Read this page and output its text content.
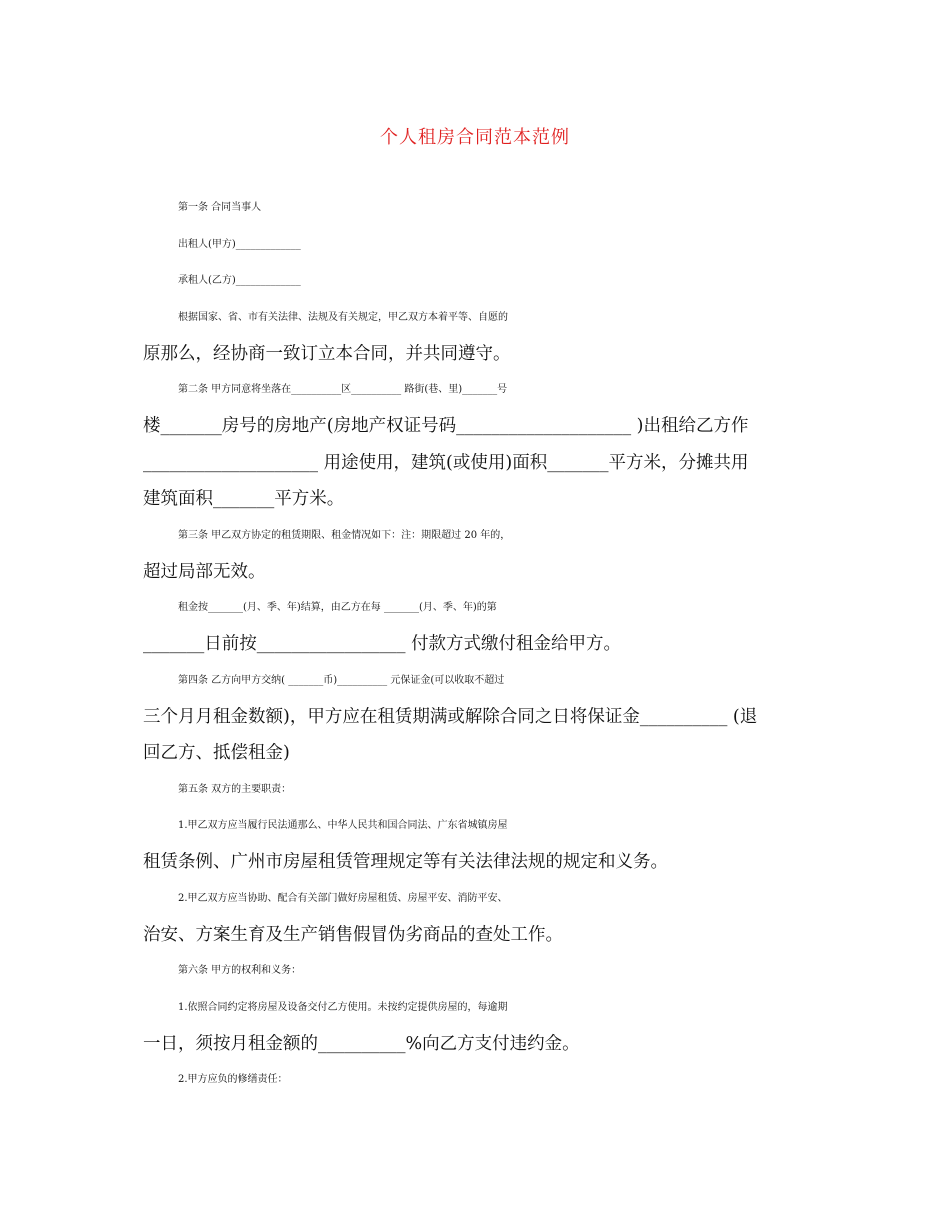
个人租房合同范本范例
第一条 合同当事人
出租人(甲方)_____________
承租人(乙方)_____________
根据国家、省、市有关法律、法规及有关规定，甲乙双方本着平等、自愿的
原那么，经协商一致订立本合同，并共同遵守。
第二条 甲方同意将坐落在__________区__________ 路街(巷、里)_______号
楼_______房号的房地产(房地产权证号码____________________ )出租给乙方作
____________________ 用途使用，建筑(或使用)面积_______平方米，分摊共用
建筑面积_______平方米。
第三条 甲乙双方协定的租赁期限、租金情况如下：注：期限超过 20 年的，
超过局部无效。
租金按_______(月、季、年)结算，由乙方在每 _______(月、季、年)的第
_______日前按_________________ 付款方式缴付租金给甲方。
第四条 乙方向甲方交纳( _______币)__________ 元保证金(可以收取不超过
三个月月租金数额)，甲方应在租赁期满或解除合同之日将保证金__________ (退
回乙方、抵偿租金)
第五条 双方的主要职责：
1.甲乙双方应当履行民法通那么、中华人民共和国合同法、广东省城镇房屋
租赁条例、广州市房屋租赁管理规定等有关法律法规的规定和义务。
2.甲乙双方应当协助、配合有关部门做好房屋租赁、房屋平安、消防平安、
治安、方案生育及生产销售假冒伪劣商品的查处工作。
第六条 甲方的权利和义务：
1.依照合同约定将房屋及设备交付乙方使用。未按约定提供房屋的，每逾期
一日，须按月租金额的__________%向乙方支付违约金。
2.甲方应负的修缮责任：
